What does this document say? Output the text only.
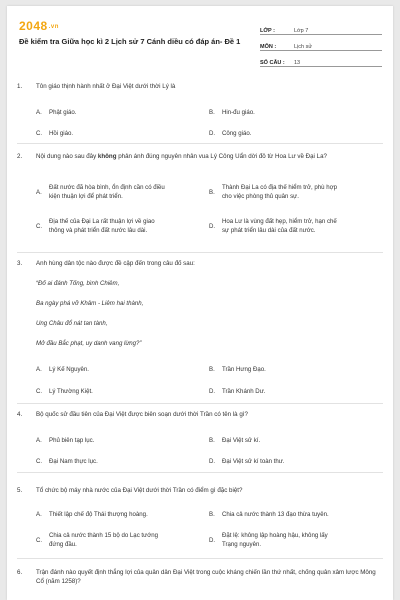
2048.vn
Đề kiểm tra Giữa học kì 2 Lịch sử 7 Cánh diều có đáp án- Đề 1
LỚP :	Lớp 7
MÔN :	Lịch sử
SỐ CÂU :	13
1.	Tôn giáo thịnh hành nhất ở Đại Việt dưới thời Lý là
A.	Phật giáo.	B.	Hin-đu giáo.
C.	Hồi giáo.	D.	Công giáo.
2.	Nội dung nào sau đây không phản ánh đúng nguyên nhân vua Lý Công Uẩn dời đô từ Hoa Lư về Đại La?
A.
Đất nước đã hòa bình, ổn định cần có điều kiện thuận lợi để phát triển.
B.
Thành Đại La có địa thế hiểm trở, phù hợp cho việc phòng thủ quân sự.
C.
Địa thế của Đại La rất thuận lợi về giao thông và phát triển đất nước lâu dài.
D.
Hoa Lư là vùng đất hẹp, hiểm trở, hạn chế sự phát triển lâu dài của đất nước.
3.	Anh hùng dân tộc nào được đề cập đến trong câu đố sau:
“Đố ai đánh Tống, bình Chiêm,
Ba ngày phá vỡ Khâm - Liêm hai thành,
Ung Châu đổ nát tan tành,
Mở đầu Bắc phạt, uy danh vang lừng?”
A.	Lý Kế Nguyên.	B.	Trần Hưng Đạo.
C.	Lý Thường Kiệt.	D.	Trần Khánh Dư.
4.	Bộ quốc sử đầu tiên của Đại Việt được biên soạn dưới thời Trần có tên là gì?
A.	Phủ biên tạp lục.	B.	Đại Việt sử kí.
C.	Đại Nam thực lục.	D.	Đại Việt sử kí toàn thư.
5.	Tổ chức bộ máy nhà nước của Đại Việt dưới thời Trần có điểm gì đặc biệt?
A.	Thiết lập chế độ Thái thượng hoàng.	B.	Chia cả nước thành 13 đạo thừa tuyên.
C.
Chia cả nước thành 15 bộ do Lạc tướng đứng đầu.
D.
Đặt lệ: không lập hoàng hậu, không lấy Trạng nguyên.
6.	Trận đánh nào quyết định thắng lợi của quân dân Đại Việt trong cuộc kháng chiến lần thứ nhất, chống quân xâm lược Mông Cổ (năm 1258)?
